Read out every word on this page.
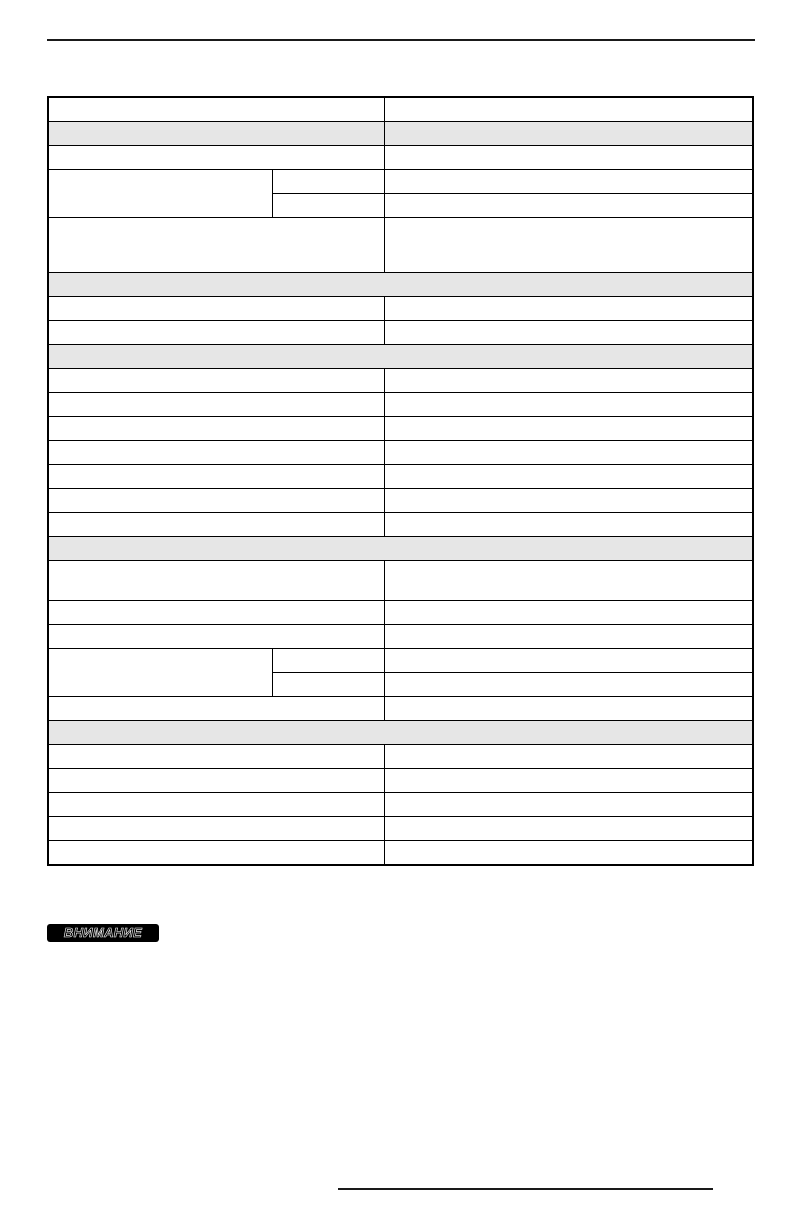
ВНИМАНИЕ
